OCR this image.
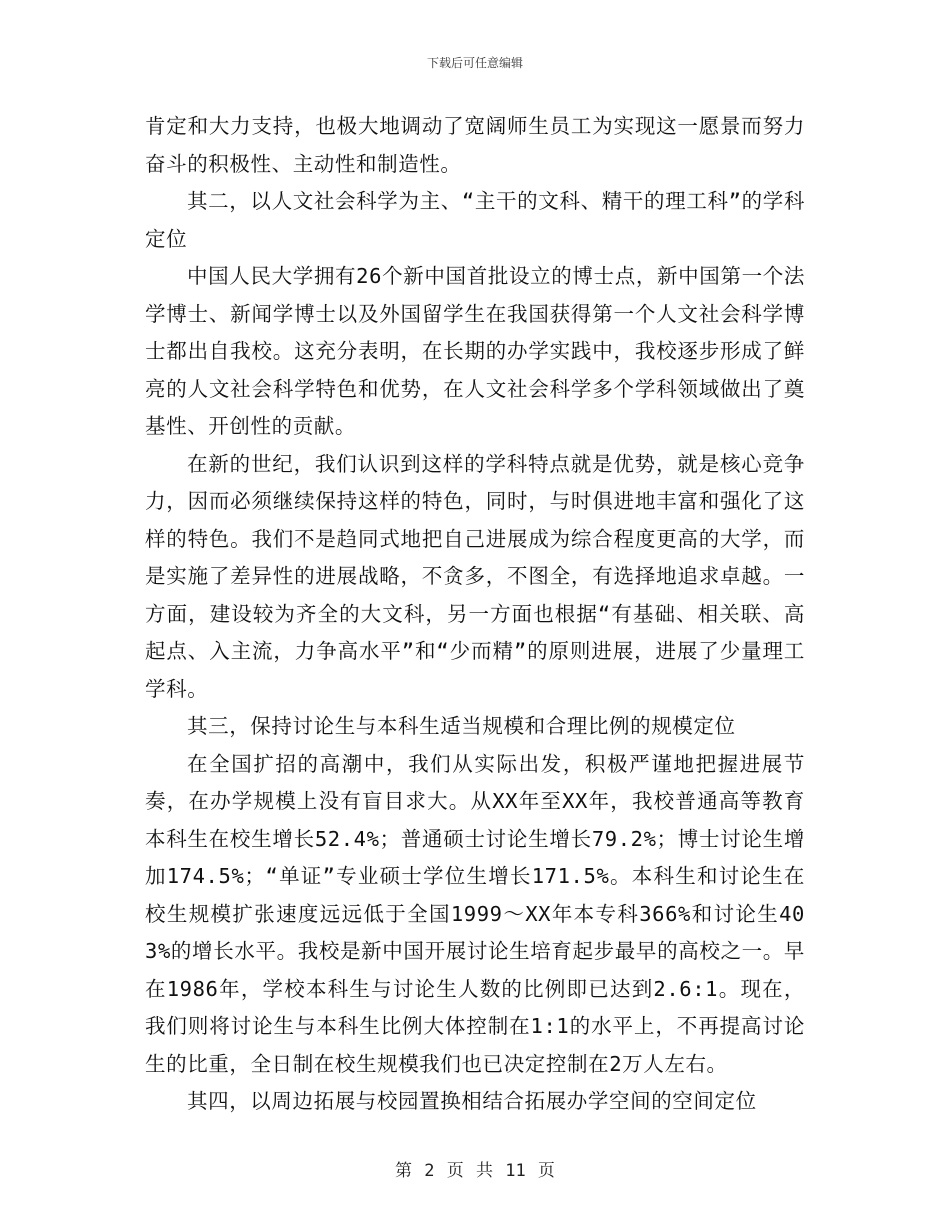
下载后可任意编辑

肯定和大力支持，也极大地调动了宽阔师生员工为实现这一愿景而努力奋斗的积极性、主动性和制造性。

其二，以人文社会科学为主、“主干的文科、精干的理工科”的学科定位

中国人民大学拥有26个新中国首批设立的博士点，新中国第一个法学博士、新闻学博士以及外国留学生在我国获得第一个人文社会科学博士都出自我校。这充分表明，在长期的办学实践中，我校逐步形成了鲜亮的人文社会科学特色和优势，在人文社会科学多个学科领域做出了奠基性、开创性的贡献。

在新的世纪，我们认识到这样的学科特点就是优势，就是核心竞争力，因而必须继续保持这样的特色，同时，与时俱进地丰富和强化了这样的特色。我们不是趋同式地把自己进展成为综合程度更高的大学，而是实施了差异性的进展战略，不贪多，不图全，有选择地追求卓越。一方面，建设较为齐全的大文科，另一方面也根据“有基础、相关联、高起点、入主流，力争高水平”和“少而精”的原则进展，进展了少量理工学科。

其三，保持讨论生与本科生适当规模和合理比例的规模定位

在全国扩招的高潮中，我们从实际出发，积极严谨地把握进展节奏，在办学规模上没有盲目求大。从XX年至XX年，我校普通高等教育本科生在校生增长52.4%；普通硕士讨论生增长79.2%；博士讨论生增加174.5%；“单证”专业硕士学位生增长171.5%。本科生和讨论生在校生规模扩张速度远远低于全国1999～XX年本专科366%和讨论生403%的增长水平。我校是新中国开展讨论生培育起步最早的高校之一。早在1986年，学校本科生与讨论生人数的比例即已达到2.6:1。现在，我们则将讨论生与本科生比例大体控制在1:1的水平上，不再提高讨论生的比重，全日制在校生规模我们也已决定控制在2万人左右。

其四，以周边拓展与校园置换相结合拓展办学空间的空间定位

第 2 页 共 11 页
